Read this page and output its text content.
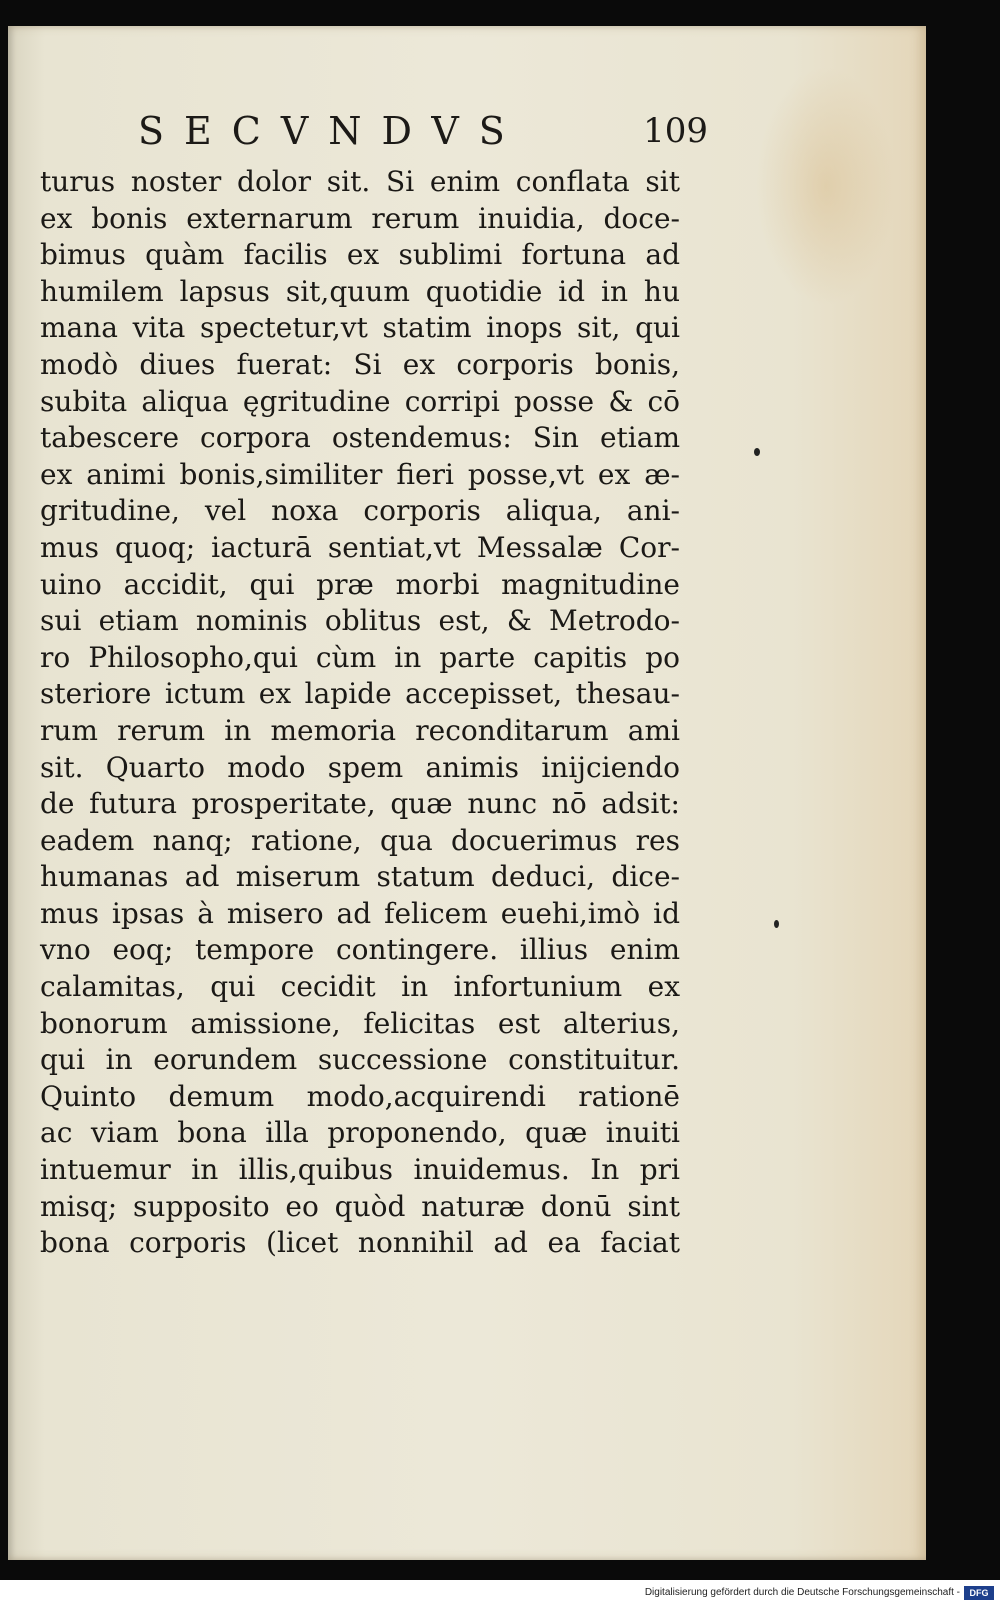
SECVNDVS	109
turus noster dolor sit. Si enim conflata sit
ex bonis externarum rerum inuidia, doce-
bimus quàm facilis ex sublimi fortuna ad
humilem lapsus sit,quum quotidie id in hu
mana vita spectetur,vt statim inops sit, qui
modò diues fuerat: Si ex corporis bonis,
subita aliqua ęgritudine corripi posse & cō
tabescere corpora ostendemus: Sin etiam
ex animi bonis,similiter fieri posse,vt ex æ-
gritudine, vel noxa corporis aliqua, ani-
mus quoq; iacturā sentiat,vt Messalæ Cor-
uino accidit, qui præ morbi magnitudine
sui etiam nominis oblitus est, & Metrodo-
ro Philosopho,qui cùm in parte capitis po
steriore ictum ex lapide accepisset, thesau-
rum rerum in memoria reconditarum ami
sit. Quarto modo spem animis inijciendo
de futura prosperitate, quæ nunc nō adsit:
eadem nanq; ratione, qua docuerimus res
humanas ad miserum statum deduci, dice-
mus ipsas à misero ad felicem euehi,imò id
vno eoq; tempore contingere. illius enim
calamitas, qui cecidit in infortunium ex
bonorum amissione, felicitas est alterius,
qui in eorundem successione constituitur.
Quinto demum modo,acquirendi rationē
ac viam bona illa proponendo, quæ inuiti
intuemur in illis,quibus inuidemus. In pri
misq; supposito eo quòd naturæ donū sint
bona corporis (licet nonnihil ad ea faciat
Digitalisierung gefördert durch die Deutsche Forschungsgemeinschaft -	DFG
